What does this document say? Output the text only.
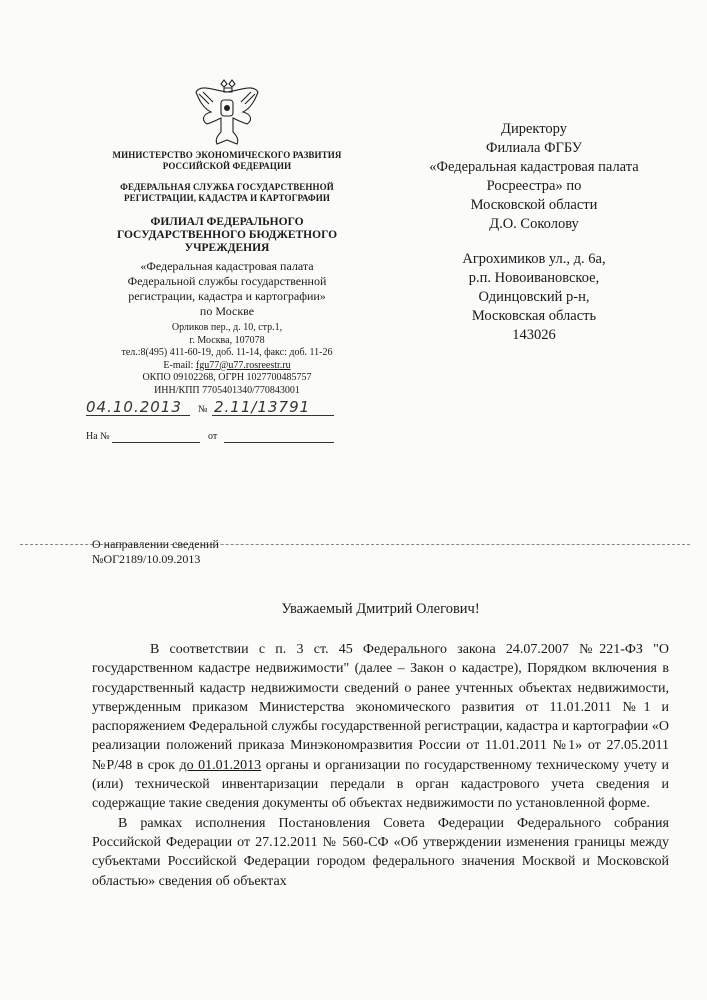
МИНИСТЕРСТВО ЭКОНОМИЧЕСКОГО РАЗВИТИЯ
РОССИЙСКОЙ ФЕДЕРАЦИИ
ФЕДЕРАЛЬНАЯ СЛУЖБА ГОСУДАРСТВЕННОЙ
РЕГИСТРАЦИИ, КАДАСТРА И КАРТОГРАФИИ
ФИЛИАЛ ФЕДЕРАЛЬНОГО
ГОСУДАРСТВЕННОГО БЮДЖЕТНОГО
УЧРЕЖДЕНИЯ
«Федеральная кадастровая палата
Федеральной службы государственной
регистрации, кадастра и картографии»
по Москве
Орликов пер., д. 10, стр.1,
г. Москва, 107078
тел.:8(495) 411-60-19, доб. 11-14, факс: доб. 11-26
E-mail: fgu77@u77.rosreestr.ru
ОКПО 09102268, ОГРН 1027700485757
ИНН/КПП 7705401340/770843001
04.10.2013 № 2.11/13791
На №	от
Директору
Филиала ФГБУ
«Федеральная кадастровая палата
Росреестра» по
Московской области
Д.О. Соколову
Агрохимиков ул., д. 6а,
р.п. Новоивановское,
Одинцовский р-н,
Московская область
143026
О направлении сведений
№ОГ2189/10.09.2013
Уважаемый Дмитрий Олегович!

В соответствии с п. 3 ст. 45 Федерального закона 24.07.2007 №221-ФЗ "О государственном кадастре недвижимости" (далее – Закон о кадастре), Порядком включения в государственный кадастр недвижимости сведений о ранее учтенных объектах недвижимости, утвержденным приказом Министерства экономического развития от 11.01.2011 №1 и распоряжением Федеральной службы государственной регистрации, кадастра и картографии «О реализации положений приказа Минэкономразвития России от 11.01.2011 №1» от 27.05.2011 №Р/48 в срок до 01.01.2013 органы и организации по государственному техническому учету и (или) технической инвентаризации передали в орган кадастрового учета сведения и содержащие такие сведения документы об объектах недвижимости по установленной форме.

В рамках исполнения Постановления Совета Федерации Федерального собрания Российской Федерации от 27.12.2011 № 560-СФ «Об утверждении изменения границы между субъектами Российской Федерации городом федерального значения Москвой и Московской областью» сведения об объектах
